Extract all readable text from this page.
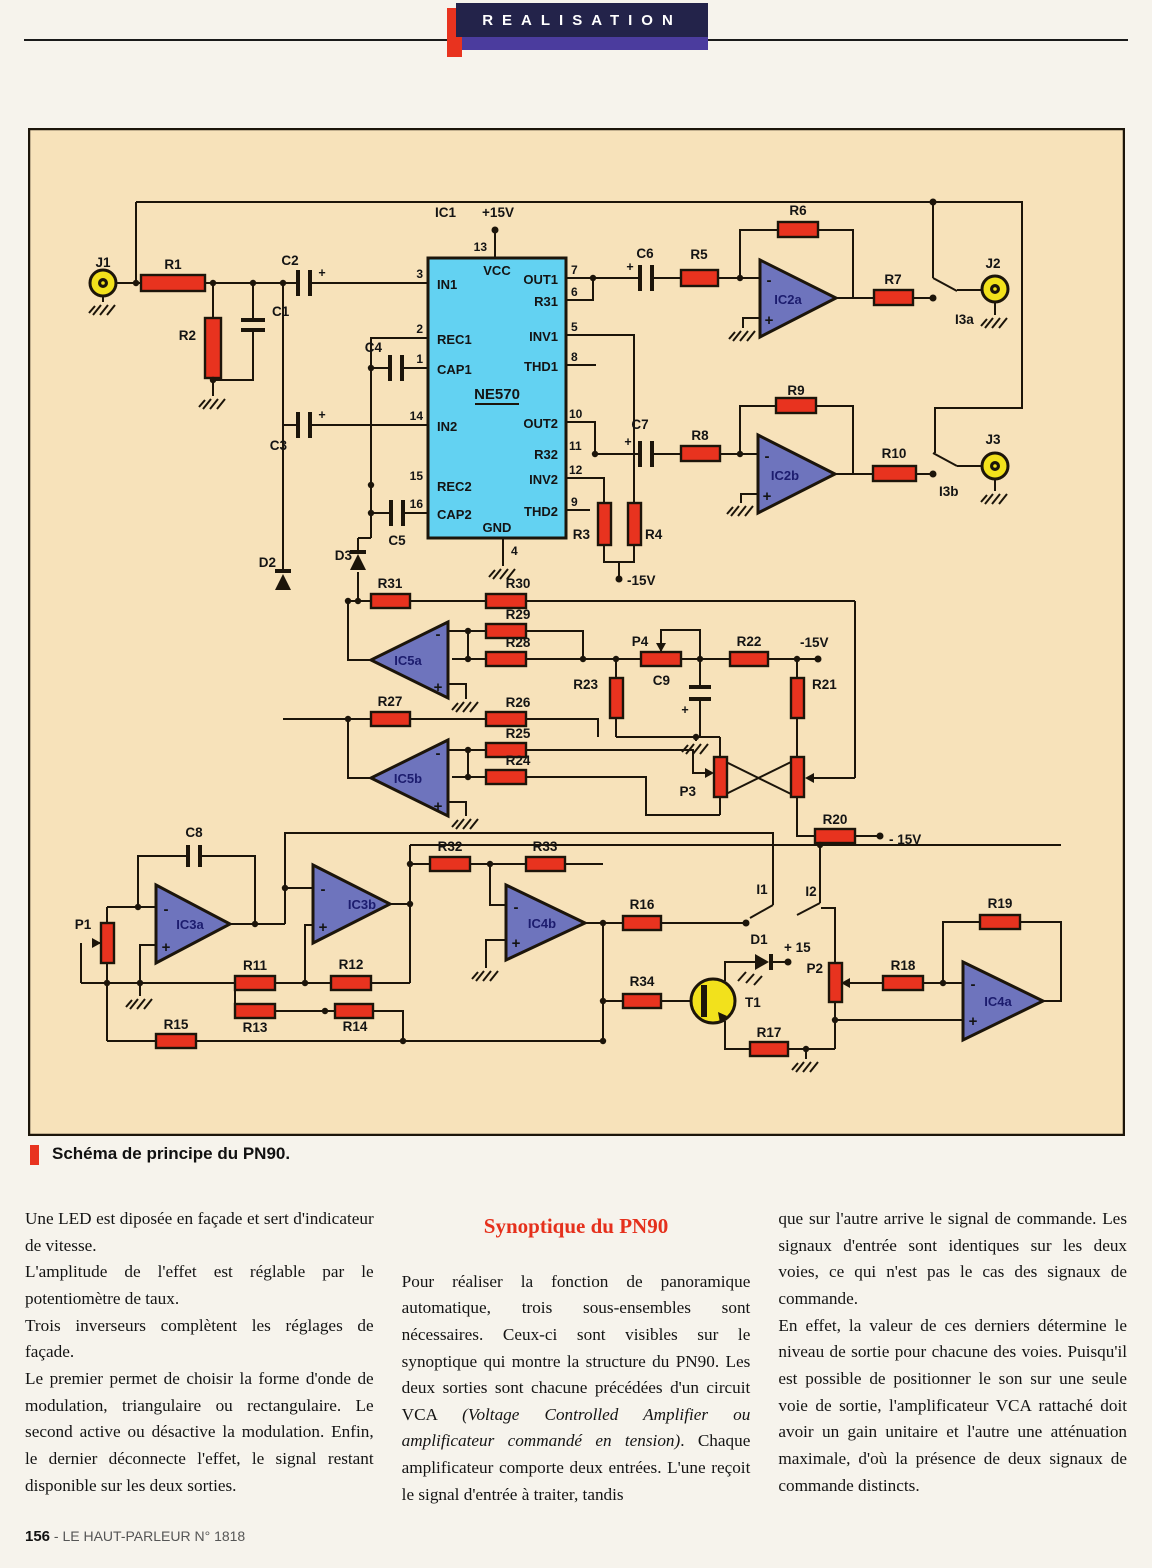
REALISATION
IC1 +15V
13
VCC
NE570
GND
4
3
IN1
2
REC1
1
CAP1
14
IN2
15
REC2
16
CAP2
7
OUT1
6
R31
5
INV1
8
THD1
10
OUT2
11
R32
12
INV2
9
THD2
J1	R1
R2
C1
C2
+
C3
+
C4
C5
C6
+
R5
R6
IC2a
R7
I3a
J2
R9
C7
+	R8
IC2b
R10
I3b
J3
R3	R4
-15V
D2	D3
R31	R30
R29
R28
IC5a
R27	R26
R25
R24
IC5b
P4	R22	-15V
R23	C9
+
R21
P3
R20
- 15V
C8
R32	R33
P1	IC3a
IC3b
IC4b
R16
I1	I2
D1
+ 15
R34
T1
R11	R12
R13	R14
R15
R17
P2	R18
R19
IC4a
-
+
-
+
-
+
-
+
-
+
-
+
-
+
-
+
Schéma de principe du PN90.

Une LED est diposée en façade et sert d'indicateur de vitesse.

L'amplitude de l'effet est réglable par le potentiomètre de taux.

Trois inverseurs complètent les réglages de façade.

Le premier permet de choisir la forme d'onde de modulation, triangulaire ou rectangulaire. Le second active ou désactive la modulation. Enfin, le dernier déconnecte l'effet, le signal restant disponible sur les deux sorties.

Synoptique du PN90

Pour réaliser la fonction de panoramique automatique, trois sous-ensembles sont nécessaires. Ceux-ci sont visibles sur le synoptique qui montre la structure du PN90. Les deux sorties sont chacune précédées d'un circuit VCA (Voltage Controlled Amplifier ou amplificateur commandé en tension). Chaque amplificateur comporte deux entrées. L'une reçoit le signal d'entrée à traiter, tandis

que sur l'autre arrive le signal de commande. Les signaux d'entrée sont identiques sur les deux voies, ce qui n'est pas le cas des signaux de commande.

En effet, la valeur de ces derniers détermine le niveau de sortie pour chacune des voies. Puisqu'il est possible de positionner le son sur une seule voie de sortie, l'amplificateur VCA rattaché doit avoir un gain unitaire et l'autre une atténuation maximale, d'où la présence de deux signaux de commande distincts.

156 - LE HAUT-PARLEUR N° 1818
